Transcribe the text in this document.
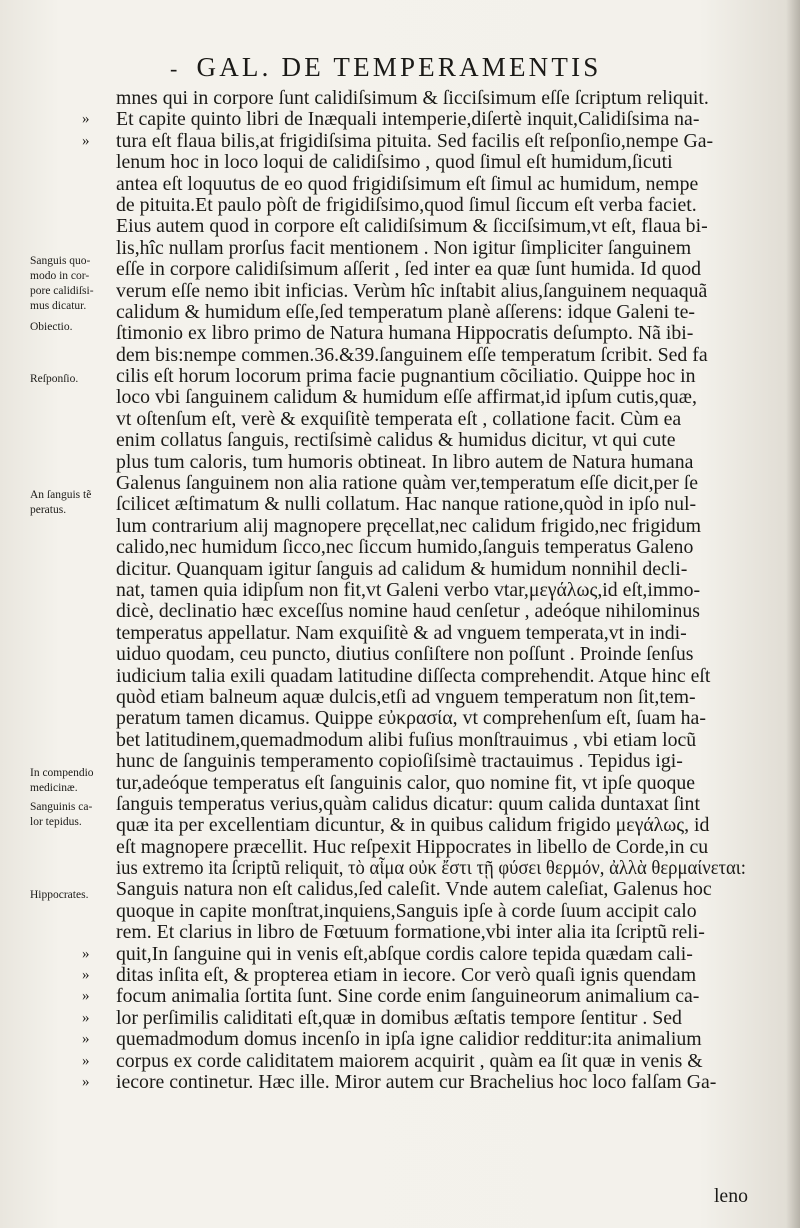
- GAL. DE TEMPERAMENTIS
mnes qui in corpore ſunt calidiſsimum & ſicciſsimum eſſe ſcriptum reliquit.
» Et capite quinto libri de Inæquali intemperie,diſertè inquit,Calidiſsima na-
» tura eſt flaua bilis,at frigidiſsima pituita. Sed facilis eſt reſponſio,nempe Ga-
lenum hoc in loco loqui de calidiſsimo , quod ſimul eſt humidum,ſicuti
antea eſt loquutus de eo quod frigidiſsimum eſt ſimul ac humidum, nempe
de pituita.Et paulo pòſt de frigidiſsimo,quod ſimul ſiccum eſt verba faciet.
Eius autem quod in corpore eſt calidiſsimum & ſicciſsimum,vt eſt, flaua bi-
lis,hîc nullam prorſus facit mentionem . Non igitur ſimpliciter ſanguinem
eſſe in corpore calidiſsimum aſſerit , ſed inter ea quæ ſunt humida. Id quod
verum eſſe nemo ibit inficias. Verùm hîc inſtabit alius,ſanguinem nequaquã
calidum & humidum eſſe,ſed temperatum planè aſſerens: idque Galeni te-
ſtimonio ex libro primo de Natura humana Hippocratis deſumpto. Nã ibi-
dem bis:nempe commen.36.&39.ſanguinem eſſe temperatum ſcribit. Sed fa
cilis eſt horum locorum prima facie pugnantium cõciliatio. Quippe hoc in
loco vbi ſanguinem calidum & humidum eſſe affirmat,id ipſum cutis,quæ,
vt oſtenſum eſt, verè & exquiſitè temperata eſt , collatione facit. Cùm ea
enim collatus ſanguis, rectiſsimè calidus & humidus dicitur, vt qui cute
plus tum caloris, tum humoris obtineat. In libro autem de Natura humana
Galenus ſanguinem non alia ratione quàm ver,temperatum eſſe dicit,per ſe
ſcilicet æſtimatum & nulli collatum. Hac nanque ratione,quòd in ipſo nul-
lum contrarium alij magnopere pręcellat,nec calidum frigido,nec frigidum
calido,nec humidum ſicco,nec ſiccum humido,ſanguis temperatus Galeno
dicitur. Quanquam igitur ſanguis ad calidum & humidum nonnihil decli-
nat, tamen quia idipſum non fit,vt Galeni verbo vtar,μεγάλως,id eſt,immo-
dicè, declinatio hæc exceſſus nomine haud cenſetur , adeóque nihilominus
temperatus appellatur. Nam exquiſitè & ad vnguem temperata,vt in indi-
uiduo quodam, ceu puncto, diutius conſiſtere non poſſunt . Proinde ſenſus
iudicium talia exili quadam latitudine diſſecta comprehendit. Atque hinc eſt
quòd etiam balneum aquæ dulcis,etſi ad vnguem temperatum non ſit,tem-
peratum tamen dicamus. Quippe εὐκρασία, vt comprehenſum eſt, ſuam ha-
bet latitudinem,quemadmodum alibi fuſius monſtrauimus , vbi etiam locũ
hunc de ſanguinis temperamento copioſiſsimè tractauimus . Tepidus igi-
tur,adeóque temperatus eſt ſanguinis calor, quo nomine fit, vt ipſe quoque
ſanguis temperatus verius,quàm calidus dicatur: quum calida duntaxat ſint
quæ ita per excellentiam dicuntur, & in quibus calidum frigido μεγάλως, id
eſt magnopere præcellit. Huc reſpexit Hippocrates in libello de Corde,in cu
ius extremo ita ſcriptũ reliquit, τὸ αἷμα οὐκ ἔστι τῇ φύσει θερμόν, ἀλλὰ θερμαίνεται:
Sanguis natura non eſt calidus,ſed caleſit. Vnde autem caleſiat, Galenus hoc
quoque in capite monſtrat,inquiens,Sanguis ipſe à corde ſuum accipit calo
rem. Et clarius in libro de Fœtuum formatione,vbi inter alia ita ſcriptũ reli-
» quit,In ſanguine qui in venis eſt,abſque cordis calore tepida quædam cali-
» ditas inſita eſt, & propterea etiam in iecore. Cor verò quaſi ignis quendam
» focum animalia ſortita ſunt. Sine corde enim ſanguineorum animalium ca-
» lor perſimilis caliditati eſt,quæ in domibus æſtatis tempore ſentitur . Sed
» quemadmodum domus incenſo in ipſa igne calidior redditur:ita animalium
» corpus ex corde caliditatem maiorem acquirit , quàm ea ſit quæ in venis &
» iecore continetur. Hæc ille. Miror autem cur Brachelius hoc loco falſam Ga-
Sanguis quo-
modo in cor-
pore calidiſsi-
mus dicatur.
Obiectio.
Reſponſio.
An ſanguis tẽ
peratus.
In compendio
medicinæ.
Sanguinis ca-
lor tepidus.
Hippocrates.
leno
